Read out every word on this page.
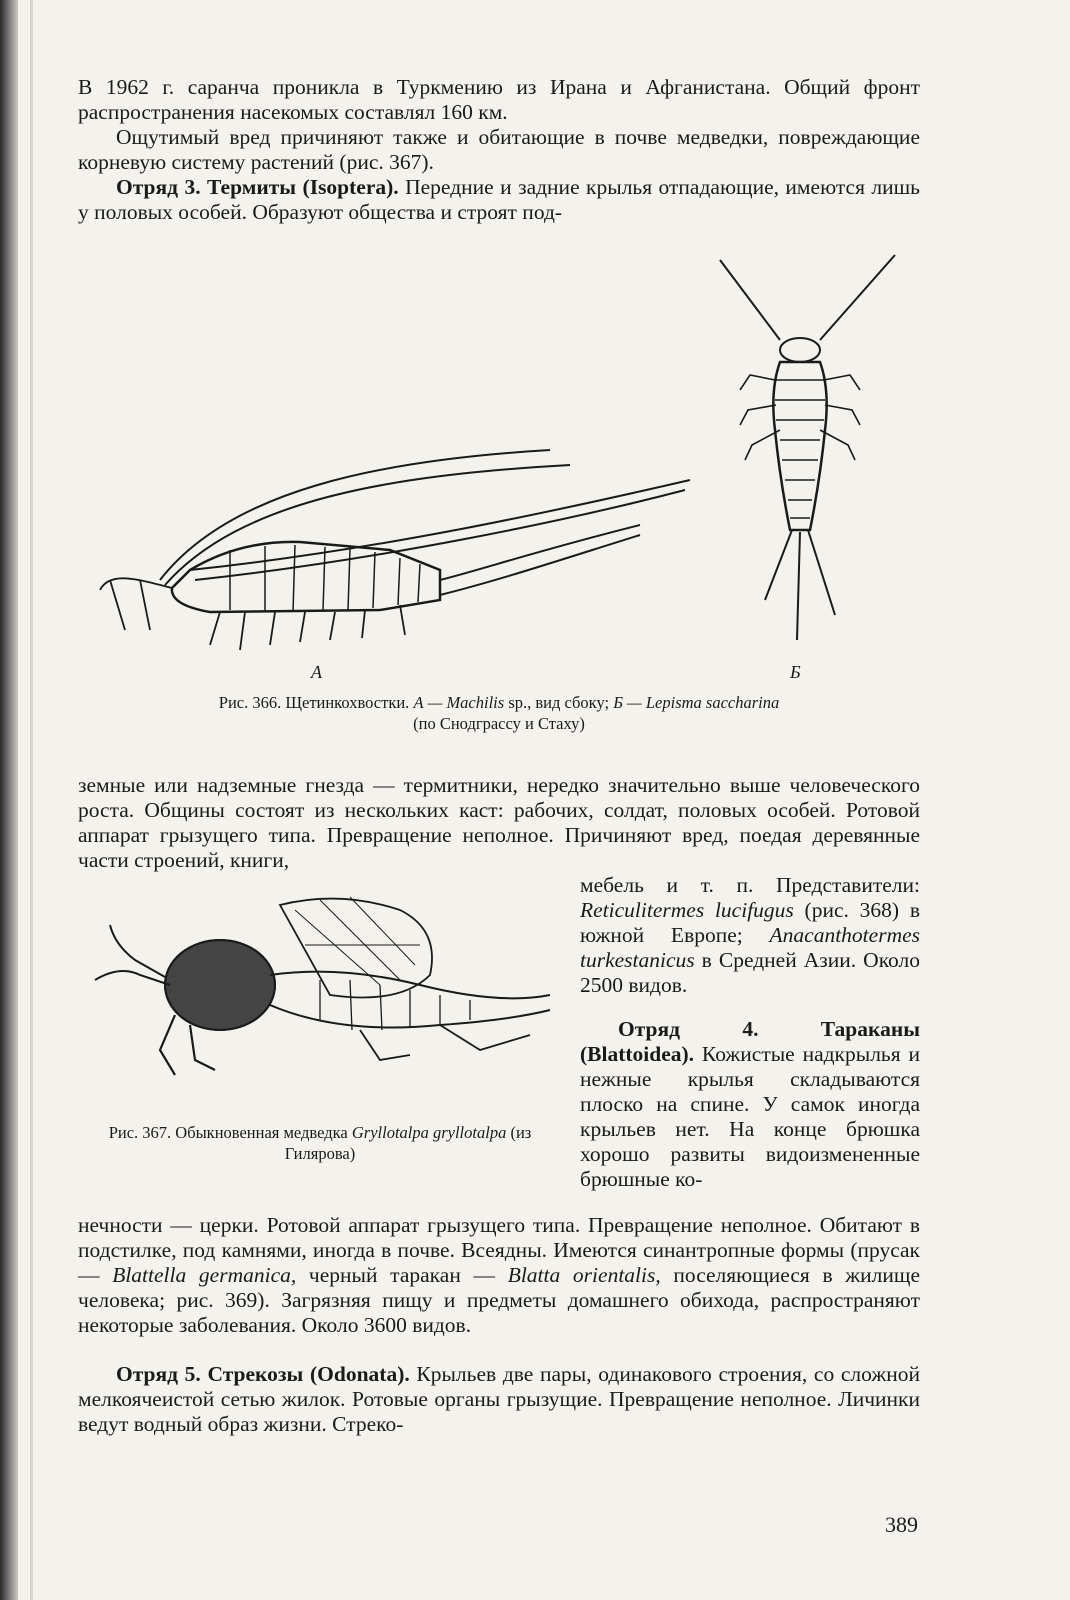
В 1962 г. саранча проникла в Туркмению из Ирана и Афганистана. Общий фронт распространения насекомых составлял 160 км.

Ощутимый вред причиняют также и обитающие в почве медведки, повреждающие корневую систему растений (рис. 367).

Отряд 3. Термиты (Isoptera). Передние и задние крылья отпадающие, имеются лишь у половых особей. Образуют общества и строят под-

А	Б

Рис. 366. Щетинкохвостки. А — Machilis sp., вид сбоку; Б — Lepisma saccharina
(по Снодграссу и Стаху)

земные или надземные гнезда — термитники, нередко значительно выше человеческого роста. Общины состоят из нескольких каст: рабочих, солдат, половых особей. Ротовой аппарат грызущего типа. Превращение неполное. Причиняют вред, поедая деревянные части строений, книги,

Рис. 367. Обыкновенная медведка Gryllotalpa gryllotalpa (из Гилярова)

мебель и т. п. Представители: Reticulitermes lucifugus (рис. 368) в южной Европе; Anacanthotermes turkestanicus в Средней Азии. Около 2500 видов.

Отряд 4. Тараканы (Blattoidea). Кожистые надкрылья и нежные крылья складываются плоско на спине. У самок иногда крыльев нет. На конце брюшка хорошо развиты видоизмененные брюшные ко-

нечности — церки. Ротовой аппарат грызущего типа. Превращение неполное. Обитают в подстилке, под камнями, иногда в почве. Всеядны. Имеются синантропные формы (прусак — Blattella germanica, черный таракан — Blatta orientalis, поселяющиеся в жилище человека; рис. 369). Загрязняя пищу и предметы домашнего обихода, распространяют некоторые заболевания. Около 3600 видов.

Отряд 5. Стрекозы (Odonata). Крыльев две пары, одинакового строения, со сложной мелкоячеистой сетью жилок. Ротовые органы грызущие. Превращение неполное. Личинки ведут водный образ жизни. Стреко-

389
